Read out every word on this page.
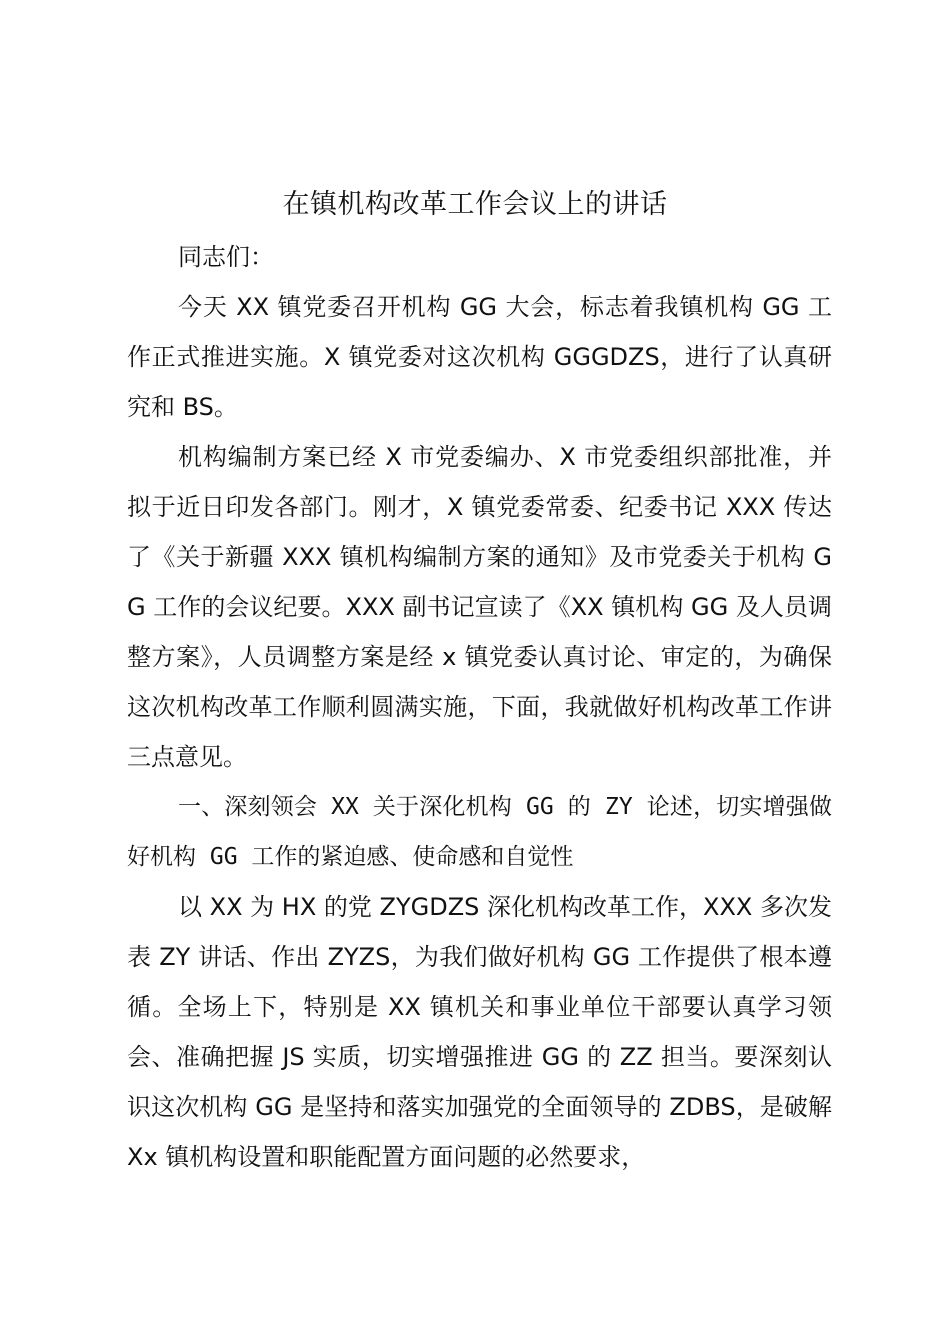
在镇机构改革工作会议上的讲话

同志们：

今天 XX 镇党委召开机构 GG 大会，标志着我镇机构 GG 工作正式推进实施。X 镇党委对这次机构 GGGDZS，进行了认真研究和 BS。

机构编制方案已经 X 市党委编办、X 市党委组织部批准，并拟于近日印发各部门。刚才，X 镇党委常委、纪委书记 XXX 传达了《关于新疆 XXX 镇机构编制方案的通知》及市党委关于机构 GG 工作的会议纪要。XXX 副书记宣读了《XX 镇机构 GG 及人员调整方案》，人员调整方案是经 x 镇党委认真讨论、审定的，为确保这次机构改革工作顺利圆满实施，下面，我就做好机构改革工作讲三点意见。

一、深刻领会 XX 关于深化机构 GG 的 ZY 论述，切实增强做好机构 GG 工作的紧迫感、使命感和自觉性

以 XX 为 HX 的党 ZYGDZS 深化机构改革工作，XXX 多次发表 ZY 讲话、作出 ZYZS，为我们做好机构 GG 工作提供了根本遵循。全场上下，特别是 XX 镇机关和事业单位干部要认真学习领会、准确把握 JS 实质，切实增强推进 GG 的 ZZ 担当。要深刻认识这次机构 GG 是坚持和落实加强党的全面领导的 ZDBS，是破解 Xx 镇机构设置和职能配置方面问题的必然要求，
